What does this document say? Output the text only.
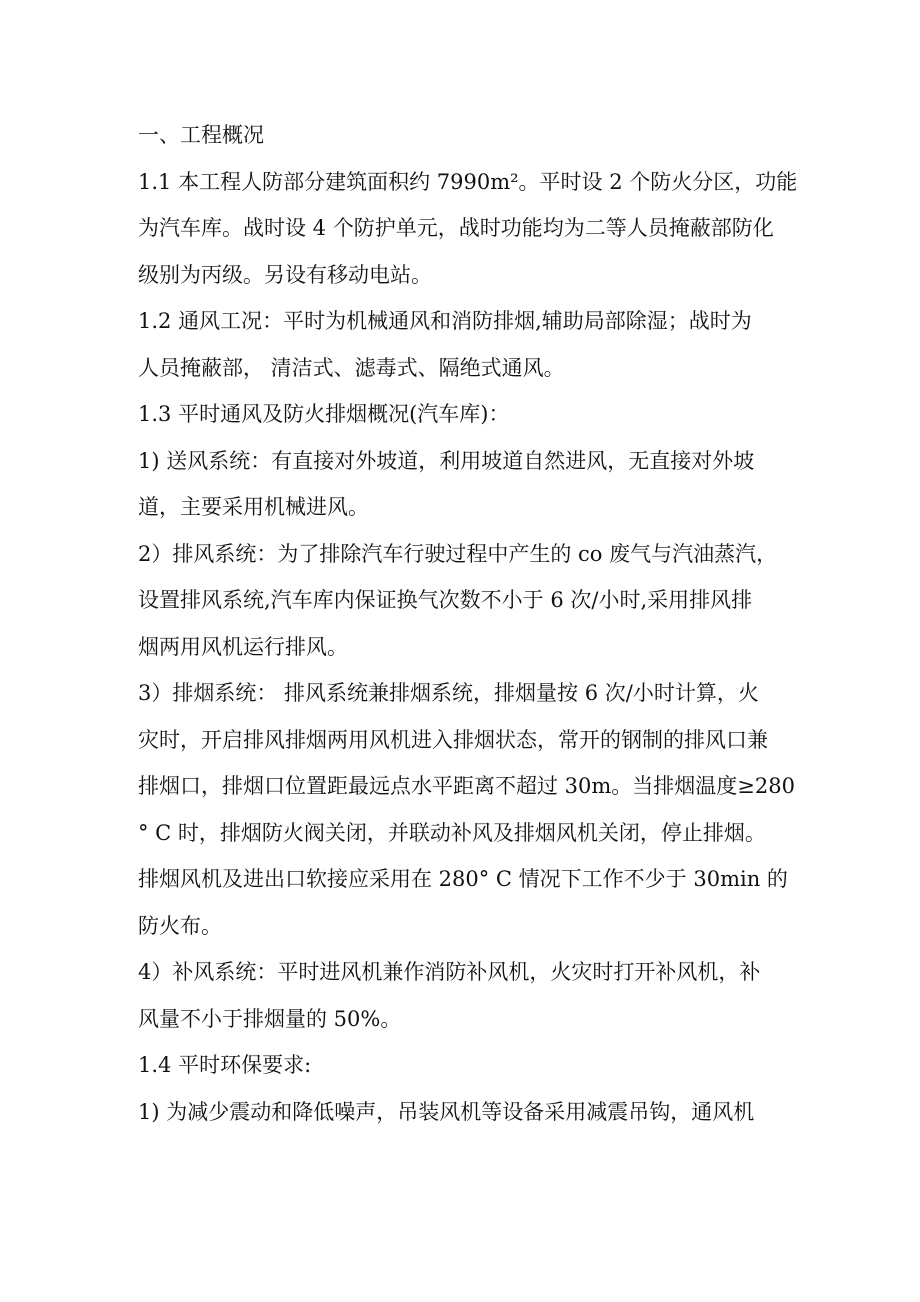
一、工程概况
1.1 本工程人防部分建筑面积约 7990m²。平时设 2 个防火分区，功能
为汽车库。战时设 4 个防护单元，战时功能均为二等人员掩蔽部防化
级别为丙级。另设有移动电站。
1.2 通风工况：平时为机械通风和消防排烟,辅助局部除湿；战时为
人员掩蔽部， 清洁式、滤毒式、隔绝式通风。
1.3 平时通风及防火排烟概况(汽车库)：
1) 送风系统：有直接对外坡道，利用坡道自然进风，无直接对外坡
道，主要采用机械进风。
2）排风系统：为了排除汽车行驶过程中产生的 co 废气与汽油蒸汽，
设置排风系统,汽车库内保证换气次数不小于 6 次/小时,采用排风排
烟两用风机运行排风。
3）排烟系统： 排风系统兼排烟系统，排烟量按 6 次/小时计算，火
灾时，开启排风排烟两用风机进入排烟状态，常开的钢制的排风口兼
排烟口，排烟口位置距最远点水平距离不超过 30m。当排烟温度≥280
° C 时，排烟防火阀关闭，并联动补风及排烟风机关闭，停止排烟。
排烟风机及进出口软接应采用在 280° C 情况下工作不少于 30min 的
防火布。
4）补风系统：平时进风机兼作消防补风机，火灾时打开补风机，补
风量不小于排烟量的 50%。
1.4 平时环保要求:
1) 为减少震动和降低噪声，吊装风机等设备采用减震吊钩，通风机
